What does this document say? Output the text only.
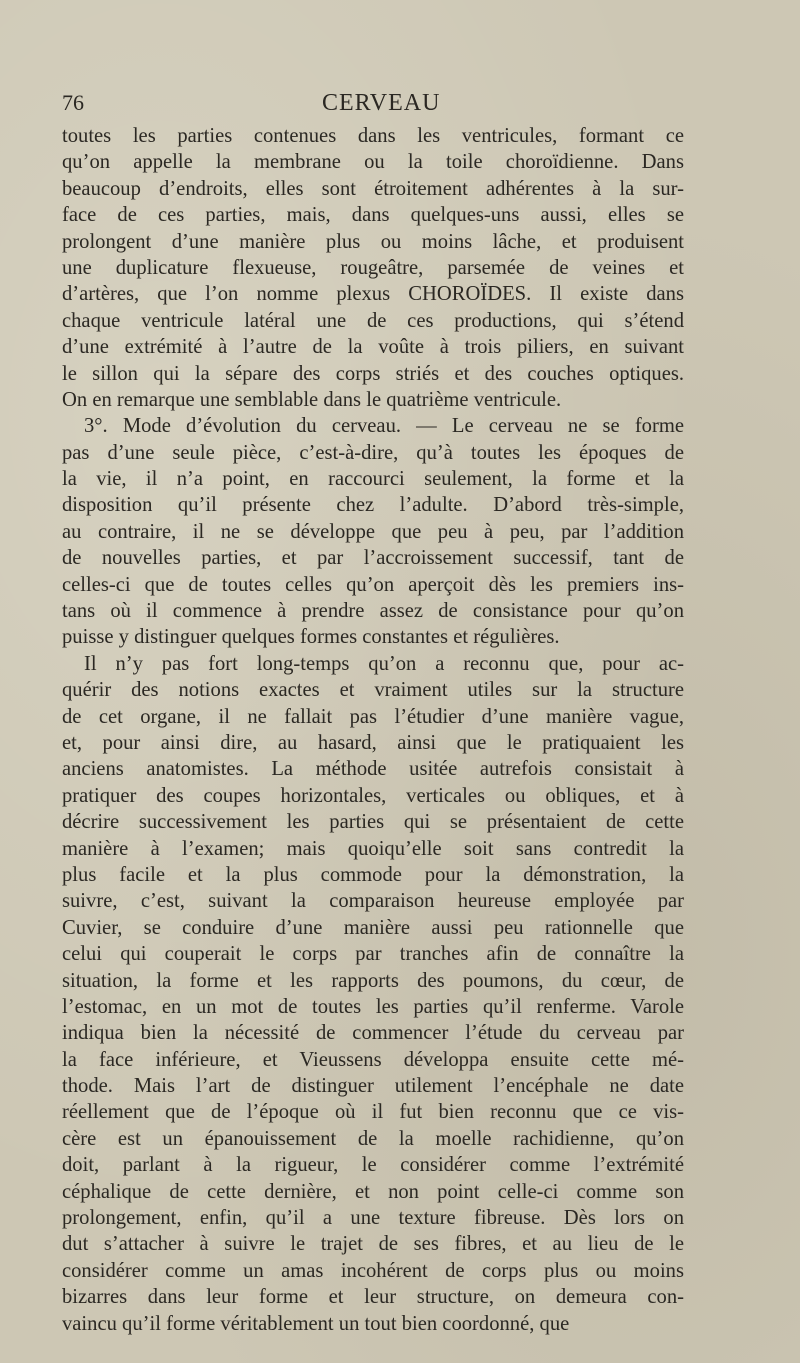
76	CERVEAU
toutes les parties contenues dans les ventricules, formant ce
qu’on appelle la membrane ou la toile choroïdienne. Dans
beaucoup d’endroits, elles sont étroitement adhérentes à la sur-
face de ces parties, mais, dans quelques-uns aussi, elles se
prolongent d’une manière plus ou moins lâche, et produisent
une duplicature flexueuse, rougeâtre, parsemée de veines et
d’artères, que l’on nomme plexus CHOROÏDES. Il existe dans
chaque ventricule latéral une de ces productions, qui s’étend
d’une extrémité à l’autre de la voûte à trois piliers, en suivant
le sillon qui la sépare des corps striés et des couches optiques.
On en remarque une semblable dans le quatrième ventricule.
3°. Mode d’évolution du cerveau. — Le cerveau ne se forme
pas d’une seule pièce, c’est-à-dire, qu’à toutes les époques de
la vie, il n’a point, en raccourci seulement, la forme et la
disposition qu’il présente chez l’adulte. D’abord très-simple,
au contraire, il ne se développe que peu à peu, par l’addition
de nouvelles parties, et par l’accroissement successif, tant de
celles-ci que de toutes celles qu’on aperçoit dès les premiers ins-
tans où il commence à prendre assez de consistance pour qu’on
puisse y distinguer quelques formes constantes et régulières.
Il n’y pas fort long-temps qu’on a reconnu que, pour ac-
quérir des notions exactes et vraiment utiles sur la structure
de cet organe, il ne fallait pas l’étudier d’une manière vague,
et, pour ainsi dire, au hasard, ainsi que le pratiquaient les
anciens anatomistes. La méthode usitée autrefois consistait à
pratiquer des coupes horizontales, verticales ou obliques, et à
décrire successivement les parties qui se présentaient de cette
manière à l’examen; mais quoiqu’elle soit sans contredit la
plus facile et la plus commode pour la démonstration, la
suivre, c’est, suivant la comparaison heureuse employée par
Cuvier, se conduire d’une manière aussi peu rationnelle que
celui qui couperait le corps par tranches afin de connaître la
situation, la forme et les rapports des poumons, du cœur, de
l’estomac, en un mot de toutes les parties qu’il renferme. Varole
indiqua bien la nécessité de commencer l’étude du cerveau par
la face inférieure, et Vieussens développa ensuite cette mé-
thode. Mais l’art de distinguer utilement l’encéphale ne date
réellement que de l’époque où il fut bien reconnu que ce vis-
cère est un épanouissement de la moelle rachidienne, qu’on
doit, parlant à la rigueur, le considérer comme l’extrémité
céphalique de cette dernière, et non point celle-ci comme son
prolongement, enfin, qu’il a une texture fibreuse. Dès lors on
dut s’attacher à suivre le trajet de ses fibres, et au lieu de le
considérer comme un amas incohérent de corps plus ou moins
bizarres dans leur forme et leur structure, on demeura con-
vaincu qu’il forme véritablement un tout bien coordonné, que
